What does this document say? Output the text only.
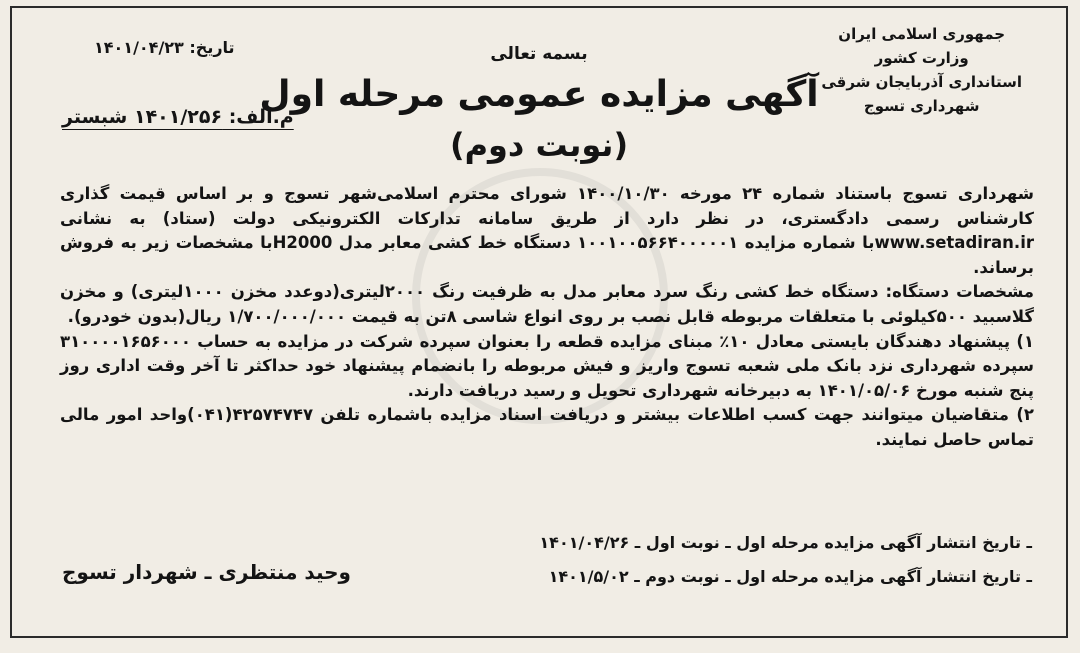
جمهوری اسلامی ایران
وزارت کشور
استانداری آذربایجان شرقی
شهرداری تسوج
بسمه تعالی
آگهی مزایده عمومی مرحله اول
(نوبت دوم)
تاریخ: ۱۴۰۱/۰۴/۲۳
م.الف: ۱۴۰۱/۲۵۶ شبستر

شهرداری تسوج باستناد شماره ۲۴ مورخه ۱۴۰۰/۱۰/۳۰ شورای محترم اسلامی‌شهر تسوج و بر اساس قیمت گذاری کارشناس رسمی دادگستری، در نظر دارد از طریق سامانه تدارکات الکترونیکی دولت (ستاد) به نشانی www.setadiran.irبا شماره مزایده ۱۰۰۱۰۰۵۶۶۴۰۰۰۰۰۱ دستگاه خط کشی معابر مدل H2000با مشخصات زیر به فروش برساند.

مشخصات دستگاه: دستگاه خط کشی رنگ سرد معابر مدل به ظرفیت رنگ ۲۰۰۰لیتری(دوعدد مخزن ۱۰۰۰لیتری) و مخزن گلاسبید ۵۰۰کیلوئی با متعلقات مربوطه قابل نصب بر روی انواع شاسی ۸تن به قیمت ۱/۷۰۰/۰۰۰/۰۰۰ ریال(بدون خودرو).

۱) پیشنهاد دهندگان بایستی معادل ۱۰٪ مبنای مزایده قطعه را بعنوان سپرده شرکت در مزایده به حساب ۳۱۰۰۰۰۱۶۵۶۰۰۰ سپرده شهرداری نزد بانک ملی شعبه تسوج واریز و فیش مربوطه را بانضمام پیشنهاد خود حداکثر تا آخر وقت اداری روز پنج شنبه مورخ ۱۴۰۱/۰۵/۰۶ به دبیرخانه شهرداری تحویل و رسید دریافت دارند.

۲) متقاضیان میتوانند جهت کسب اطلاعات بیشتر و دریافت اسناد مزایده باشماره تلفن ۴۲۵۷۴۷۴۷(۰۴۱)واحد امور مالی تماس حاصل نمایند.

ـ تاریخ انتشار آگهی مزایده مرحله اول ـ نوبت اول ـ ۱۴۰۱/۰۴/۲۶
ـ تاریخ انتشار آگهی مزایده مرحله اول ـ نوبت دوم ـ ۱۴۰۱/۵/۰۲
وحید منتظری ـ شهردار تسوج
